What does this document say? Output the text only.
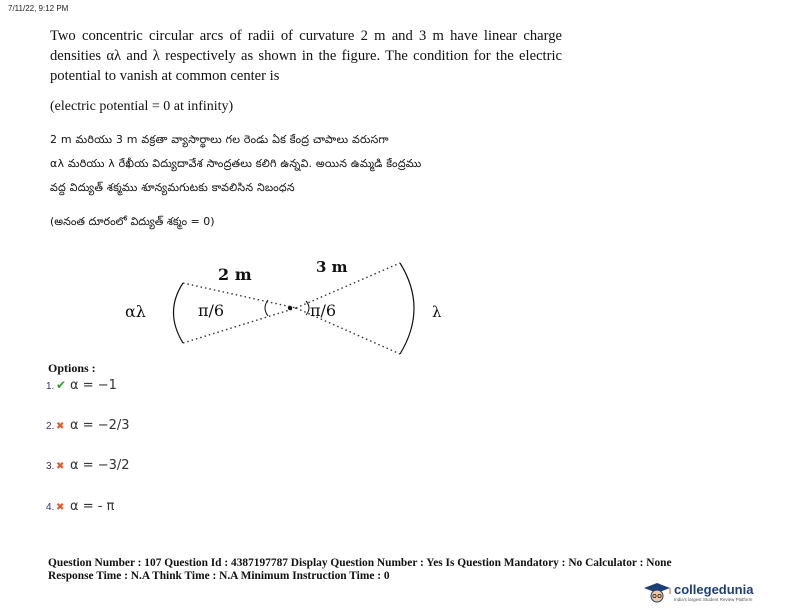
7/11/22, 9:12 PM
Two concentric circular arcs of radii of curvature 2 m and 3 m have linear charge densities αλ and λ respectively as shown in the figure. The condition for the electric potential to vanish at common center is
(electric potential = 0 at infinity)
2 m మరియు 3 m వక్రతా వ్యాసార్థాలు గల రెండు ఏక కేంద్ర చాపాలు వరుసగా
αλ మరియు λ రేఖీయ విద్యుదావేశ సాంద్రతలు కలిగి ఉన్నవి. అయిన ఉమ్మడి కేంద్రము
వద్ద విద్యుత్ శక్మము శూన్యమగుటకు కావలిసిన నిబంధన
(అనంత దూరంలో విద్యుత్ శక్మం = 0)
2 m	3 m
αλ	λ
π/6	π/6
Options :
1. ✔ α = −1
2. ✖ α = −2/3
3. ✖ α = −3/2
4. ✖ α = - π
Question Number : 107 Question Id : 4387197787 Display Question Number : Yes Is Question Mandatory : No Calculator : None
Response Time : N.A Think Time : N.A Minimum Instruction Time : 0
collegedunia
India's largest Student Review Platform
